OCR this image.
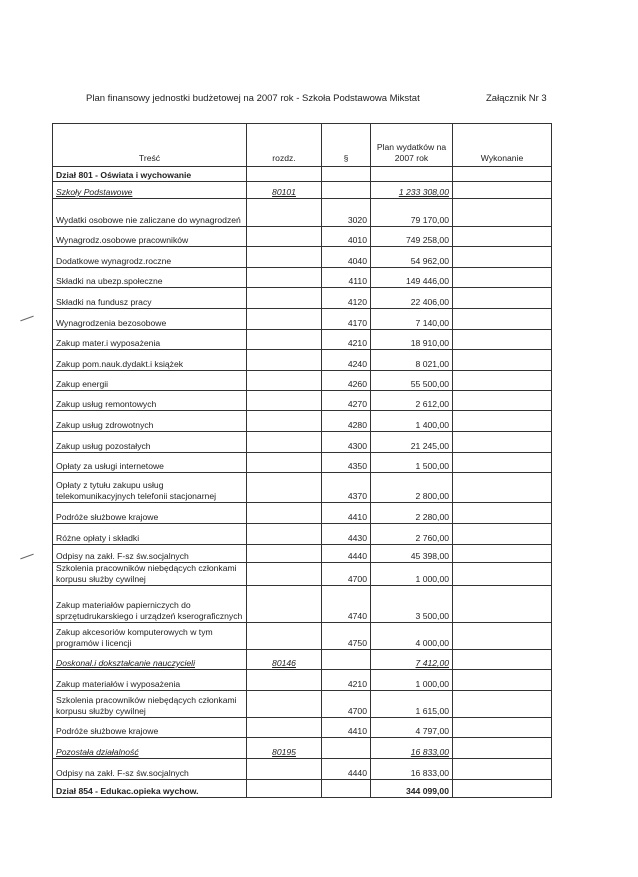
Plan finansowy jednostki budżetowej na 2007 rok - Szkoła Podstawowa Mikstat	Załącznik Nr 3
Treść	rozdz.	§	Plan wydatków na 2007 rok	Wykonanie
Dział 801 - Oświata i wychowanie				
Szkoły Podstawowe	80101		1 233 308,00	
Wydatki osobowe nie zaliczane do wynagrodzeń		3020	79 170,00	
Wynagrodz.osobowe pracowników		4010	749 258,00	
Dodatkowe wynagrodz.roczne		4040	54 962,00	
Składki na ubezp.społeczne		4110	149 446,00	
Składki na fundusz pracy		4120	22 406,00	
Wynagrodzenia bezosobowe		4170	7 140,00	
Zakup mater.i wyposażenia		4210	18 910,00	
Zakup pom.nauk.dydakt.i książek		4240	8 021,00	
Zakup energii		4260	55 500,00	
Zakup usług remontowych		4270	2 612,00	
Zakup usług zdrowotnych		4280	1 400,00	
Zakup usług pozostałych		4300	21 245,00	
Opłaty za usługi internetowe		4350	1 500,00	
Opłaty z tytułu zakupu usług telekomunikacyjnych telefonii stacjonarnej		4370	2 800,00	
Podróże służbowe krajowe		4410	2 280,00	
Różne opłaty i składki		4430	2 760,00	
Odpisy na zakł. F-sz św.socjalnych		4440	45 398,00	
Szkolenia pracowników niebędących członkami korpusu służby cywilnej		4700	1 000,00	
Zakup materiałów papierniczych do sprzętudrukarskiego i urządzeń kserograficznych		4740	3 500,00	
Zakup akcesoriów komputerowych w tym programów i licencji		4750	4 000,00	
Doskonal.i dokształcanie nauczycieli	80146		7 412,00	
Zakup materiałów i wyposażenia		4210	1 000,00	
Szkolenia pracowników niebędących członkami korpusu służby cywilnej		4700	1 615,00	
Podróże służbowe krajowe		4410	4 797,00	
Pozostała działalność	80195		16 833,00	
Odpisy na zakł. F-sz św.socjalnych		4440	16 833,00	
Dział 854 - Edukac.opieka wychow.			344 099,00	
